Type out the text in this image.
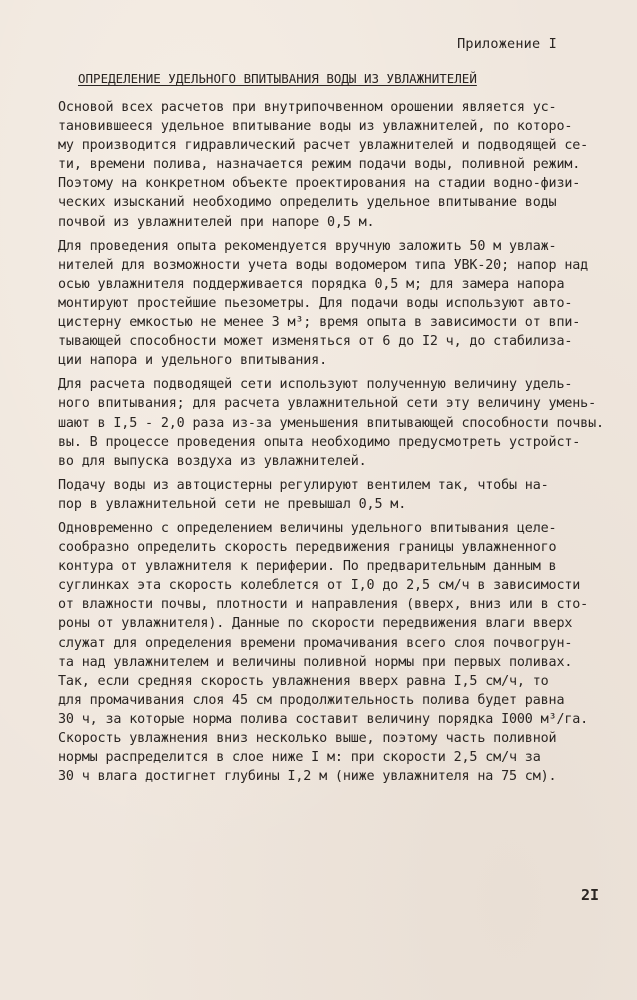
Приложение I
ОПРЕДЕЛЕНИЕ УДЕЛЬНОГО ВПИТЫВАНИЯ ВОДЫ ИЗ УВЛАЖНИТЕЛЕЙ
Основой всех расчетов при внутрипочвенном орошении является ус-
тановившееся удельное впитывание воды из увлажнителей, по которо-
му производится гидравлический расчет увлажнителей и подводящей се-
ти, времени полива, назначается режим подачи воды, поливной режим.
Поэтому на конкретном объекте проектирования на стадии водно-физи-
ческих изысканий необходимо определить удельное впитывание воды
почвой из увлажнителей при напоре 0,5 м.
Для проведения опыта рекомендуется вручную заложить 50 м увлаж-
нителей для возможности учета воды водомером типа УВК-20; напор над
осью увлажнителя поддерживается порядка 0,5 м; для замера напора
монтируют простейшие пьезометры. Для подачи воды используют авто-
цистерну емкостью не менее 3 м³; время опыта в зависимости от впи-
тывающей способности может изменяться от 6 до I2 ч, до стабилиза-
ции напора и удельного впитывания.
Для расчета подводящей сети используют полученную величину удель-
ного впитывания; для расчета увлажнительной сети эту величину умень-
шают в I,5 - 2,0 раза из-за уменьшения впитывающей способности почвы.
вы. В процессе проведения опыта необходимо предусмотреть устройст-
во для выпуска воздуха из увлажнителей.
Подачу воды из автоцистерны регулируют вентилем так, чтобы на-
пор в увлажнительной сети не превышал 0,5 м.
Одновременно с определением величины удельного впитывания целе-
сообразно определить скорость передвижения границы увлажненного
контура от увлажнителя к периферии. По предварительным данным в
суглинках эта скорость колеблется от I,0 до 2,5 см/ч в зависимости
от влажности почвы, плотности и направления (вверх, вниз или в сто-
роны от увлажнителя). Данные по скорости передвижения влаги вверх
служат для определения времени промачивания всего слоя почвогрун-
та над увлажнителем и величины поливной нормы при первых поливах.
Так, если средняя скорость увлажнения вверх равна I,5 см/ч, то
для промачивания слоя 45 см продолжительность полива будет равна
30 ч, за которые норма полива составит величину порядка I000 м³/га.
Скорость увлажнения вниз несколько выше, поэтому часть поливной
нормы распределится в слое ниже I м: при скорости 2,5 см/ч за
30 ч влага достигнет глубины I,2 м (ниже увлажнителя на 75 см).
2I
